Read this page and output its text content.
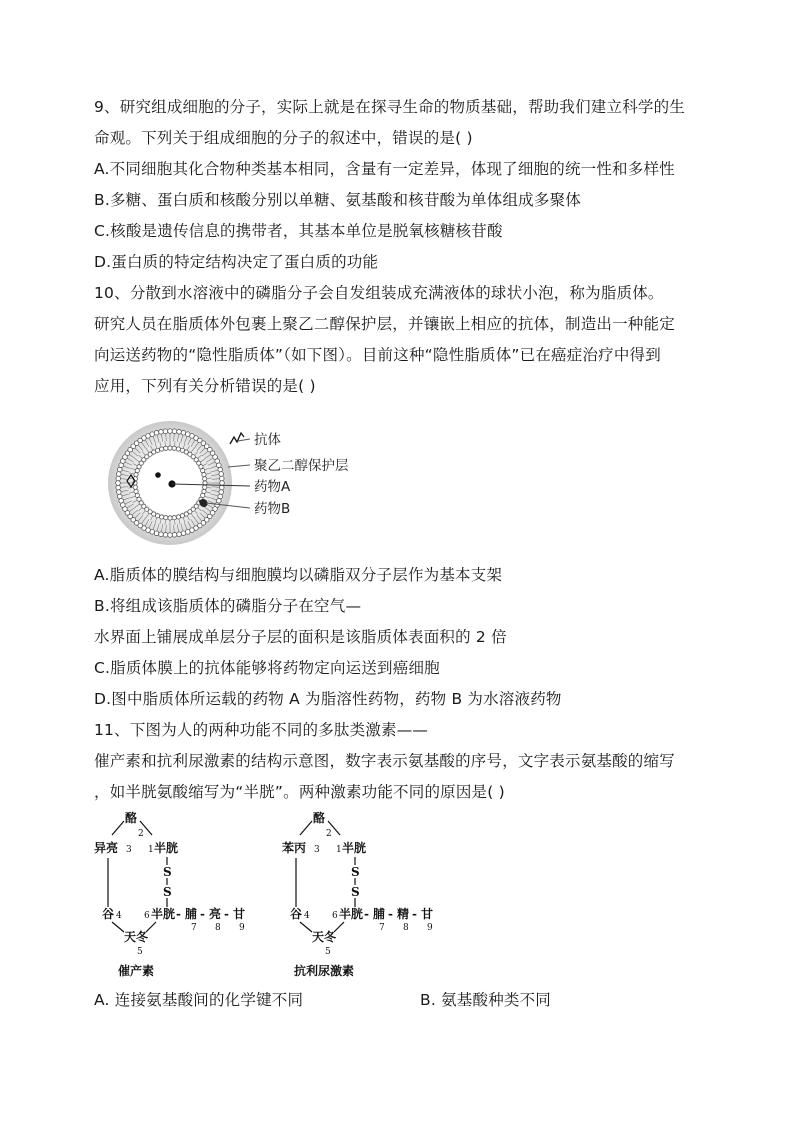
9、研究组成细胞的分子，实际上就是在探寻生命的物质基础，帮助我们建立科学的生
命观。下列关于组成细胞的分子的叙述中，错误的是( )
A.不同细胞其化合物种类基本相同，含量有一定差异，体现了细胞的统一性和多样性
B.多糖、蛋白质和核酸分别以单糖、氨基酸和核苷酸为单体组成多聚体
C.核酸是遗传信息的携带者，其基本单位是脱氧核糖核苷酸
D.蛋白质的特定结构决定了蛋白质的功能
10、分散到水溶液中的磷脂分子会自发组装成充满液体的球状小泡，称为脂质体。
研究人员在脂质体外包裹上聚乙二醇保护层，并镶嵌上相应的抗体，制造出一种能定
向运送药物的“隐性脂质体”（如下图）。目前这种“隐性脂质体”已在癌症治疗中得到
应用，下列有关分析错误的是( )
抗体
聚乙二醇保护层
药物A
药物B
A.脂质体的膜结构与细胞膜均以磷脂双分子层作为基本支架
B.将组成该脂质体的磷脂分子在空气—
水界面上铺展成单层分子层的面积是该脂质体表面积的 2 倍
C.脂质体膜上的抗体能够将药物定向运送到癌细胞
D.图中脂质体所运载的药物 A 为脂溶性药物，药物 B 为水溶液药物
11、下图为人的两种功能不同的多肽类激素——
催产素和抗利尿激素的结构示意图，数字表示氨基酸的序号，文字表示氨基酸的缩写
，如半胱氨酸缩写为“半胱”。两种激素功能不同的原因是( )
酪
2
异亮 3 1 半胱
S
S
谷 4 6 半胱 - 脯 - 亮 - 甘
7 8 9
天冬
5
催产素
酪
2
苯丙 3 1 半胱
S
S
谷 4 6 半胱 - 脯 - 精 - 甘
7 8 9
天冬
5
抗利尿激素
A. 连接氨基酸间的化学键不同	B. 氨基酸种类不同
